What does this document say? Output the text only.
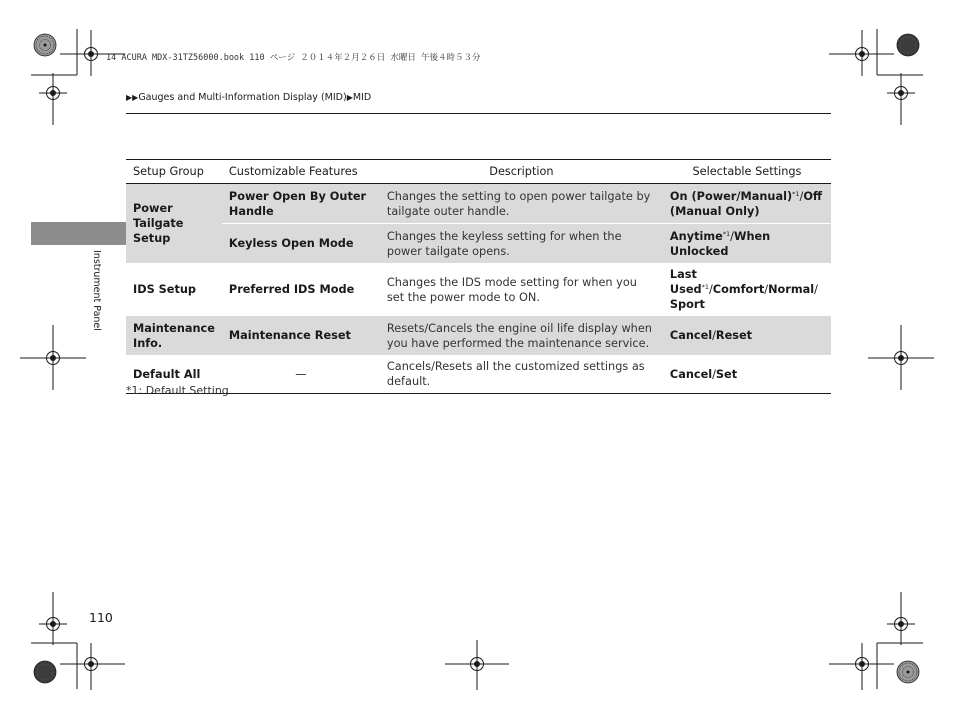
14 ACURA MDX-31TZ56000.book 110 ページ ２０１４年２月２６日 水曜日 午後４時５３分
▶▶Gauges and Multi-Information Display (MID)▶MID
Instrument Panel
Setup Group	Customizable Features	Description	Selectable Settings
Power Tailgate Setup	Power Open By Outer Handle	Changes the setting to open power tailgate by tailgate outer handle.	On (Power/Manual)$^{*1}$/Off (Manual Only)
	Keyless Open Mode	Changes the keyless setting for when the power tailgate opens.	Anytime$^{*1}$/When Unlocked
IDS Setup	Preferred IDS Mode	Changes the IDS mode setting for when you set the power mode to ON.	Last Used$^{*1}$/Comfort/Normal/ Sport
Maintenance Info.	Maintenance Reset	Resets/Cancels the engine oil life display when you have performed the maintenance service.	Cancel/Reset
Default All	—	Cancels/Resets all the customized settings as default.	Cancel/Set
*1: Default Setting
110
